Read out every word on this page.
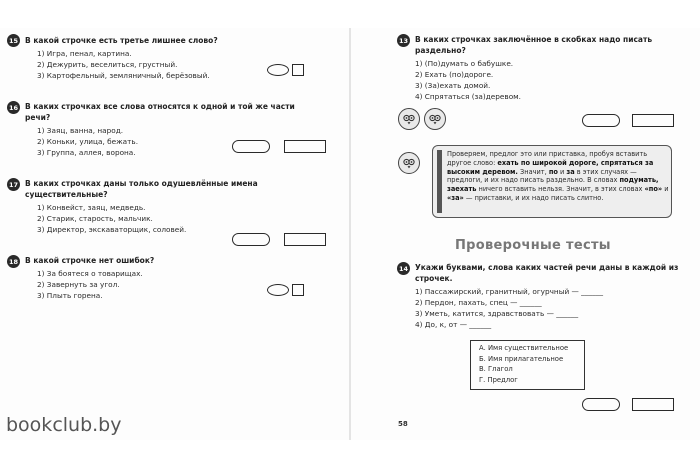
15 В какой строчке есть третье лишнее слово?
1) Игра, пенал, картина.
2) Дежурить, веселиться, грустный.
3) Картофельный, земляничный, берёзовый.
16 В каких строчках все слова относятся к одной и той же части речи?
1) Заяц, ванна, народ.
2) Коньки, улица, бежать.
3) Группа, аллея, ворона.
17 В каких строчках даны только одушевлённые имена существительные?
1) Конвейст, заяц, медведь.
2) Старик, старость, мальчик.
3) Директор, экскаваторщик, соловей.
18 В какой строчке нет ошибок?
1) За боятеся о товарищах.
2) Завернуть за угол.
3) Плыть горена.
13 В каких строчках заключённое в скобках надо писать раздельно?
1) (По)думать о бабушке.
2) Ехать (по)дороге.
3) (За)ехать домой.
4) Спрятаться (за)деревом.
Проверяем, предлог это или приставка, пробуя вставить другое слово: ехать по широкой дороге, спрятаться за высоким деревом. Значит, по и за в этих случаях — предлоги, и их надо писать раздельно. В словах подумать, заехать ничего вставить нельзя. Значит, в этих словах «по» и «за» — приставки, и их надо писать слитно.
Проверочные тесты
14 Укажи буквами, слова каких частей речи даны в каждой из строчек.
1) Пассажирский, гранитный, огурчный — ______
2) Пердон, пахать, спец — ______
3) Уметь, катится, здравствовать — ______
4) До, к, от — ______
А. Имя существительное
Б. Имя прилагательное
В. Глагол
Г. Предлог
58
bookclub.by
